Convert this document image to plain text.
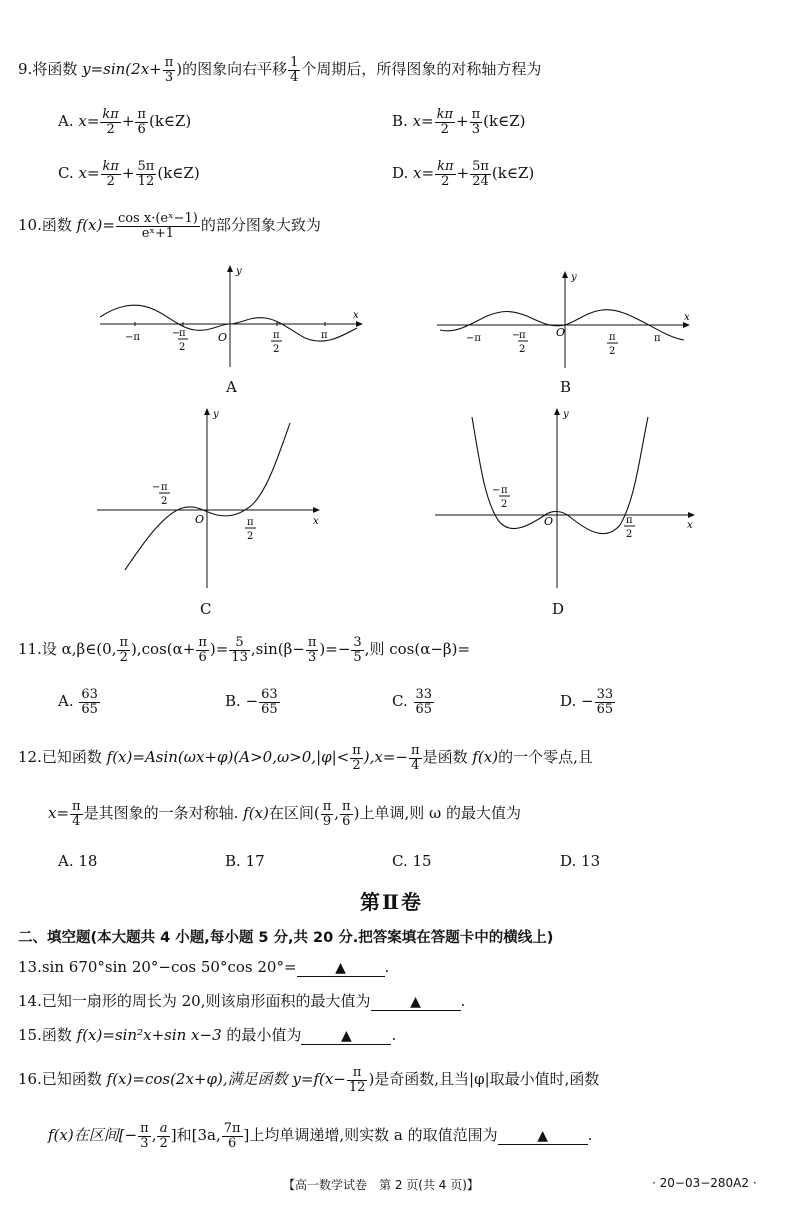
9.将函数 $y=\sin(2x+ \frac{\pi}{3}$ )的图象向右平移 $\frac{1}{4}$ 个周期后，所得图象的对称轴方程为
A. $x= \frac{k\pi}{2} + \frac{\pi}{6}$ (k∈Z)	B. $x= \frac{k\pi}{2} + \frac{\pi}{3}$ (k∈Z)
C. $x= \frac{k\pi}{2} + \frac{5\pi}{12}$ (k∈Z)	D. $x= \frac{k\pi}{2} + \frac{5\pi}{24}$ (k∈Z)
10.函数 $f(x)= \frac{\text{cos x·(eˣ−1)}}{\text{eˣ+1}}$ 的部分图象大致为
y
x
O
−π	−
π
2
π
2
π
A
y
x
O
−π	−
π
2
π
2
π
B
y
x
O
− π
2
π
2
C
y
x
O
− π
2
π
2
D
11.设 α,β∈(0, $\frac{\pi}{2} ),\cos(\alpha+ \frac{\pi}{6}$ )= $\frac{5}{13} ,\sin(\beta- \frac{\pi}{3}$ )=− $\frac{3}{5}$ ,则 cos(α−β)=
A. $\frac{63}{65}$	B. − $\frac{63}{65}$	C. $\frac{33}{65}$	D. − $\frac{33}{65}$
12.已知函数 $f(x)=Asin(\omega x+\varphi)(A>0,\omega>0,|\varphi|< \frac{\pi}{2} ),x=- \frac{\pi}{4}$ 是函数 f(x)的一个零点,且
$x= \frac{\pi}{4}$ 是其图象的一条对称轴. f(x)在区间( $\frac{\pi}{9}$ , $\frac{\pi}{6}$ )上单调,则 ω 的最大值为
A. 18	B. 17	C. 15	D. 13
第Ⅱ卷
二、填空题(本大题共 4 小题,每小题 5 分,共 20 分.把答案填在答题卡中的横线上)
13.sin 670°sin 20°−cos 50°cos 20°=	▲	.
14.已知一扇形的周长为 20,则该扇形面积的最大值为	▲	.
15.函数 f(x)=sin²x+sin x−3 的最小值为	▲	.
16.已知函数 f(x)=cos(2x+φ),满足函数 $y=f(x- \frac{\pi}{12}$ )是奇函数,且当|φ|取最小值时,函数
f(x)在区间[− $\frac{\pi}{3}$ , $\frac{a}{2}$ ]和[3a, $\frac{7\pi}{6}$ ]上均单调递增,则实数 a 的取值范围为	▲	.
【高一数学试卷　第 2 页(共 4 页)】	· 20−03−280A2 ·
